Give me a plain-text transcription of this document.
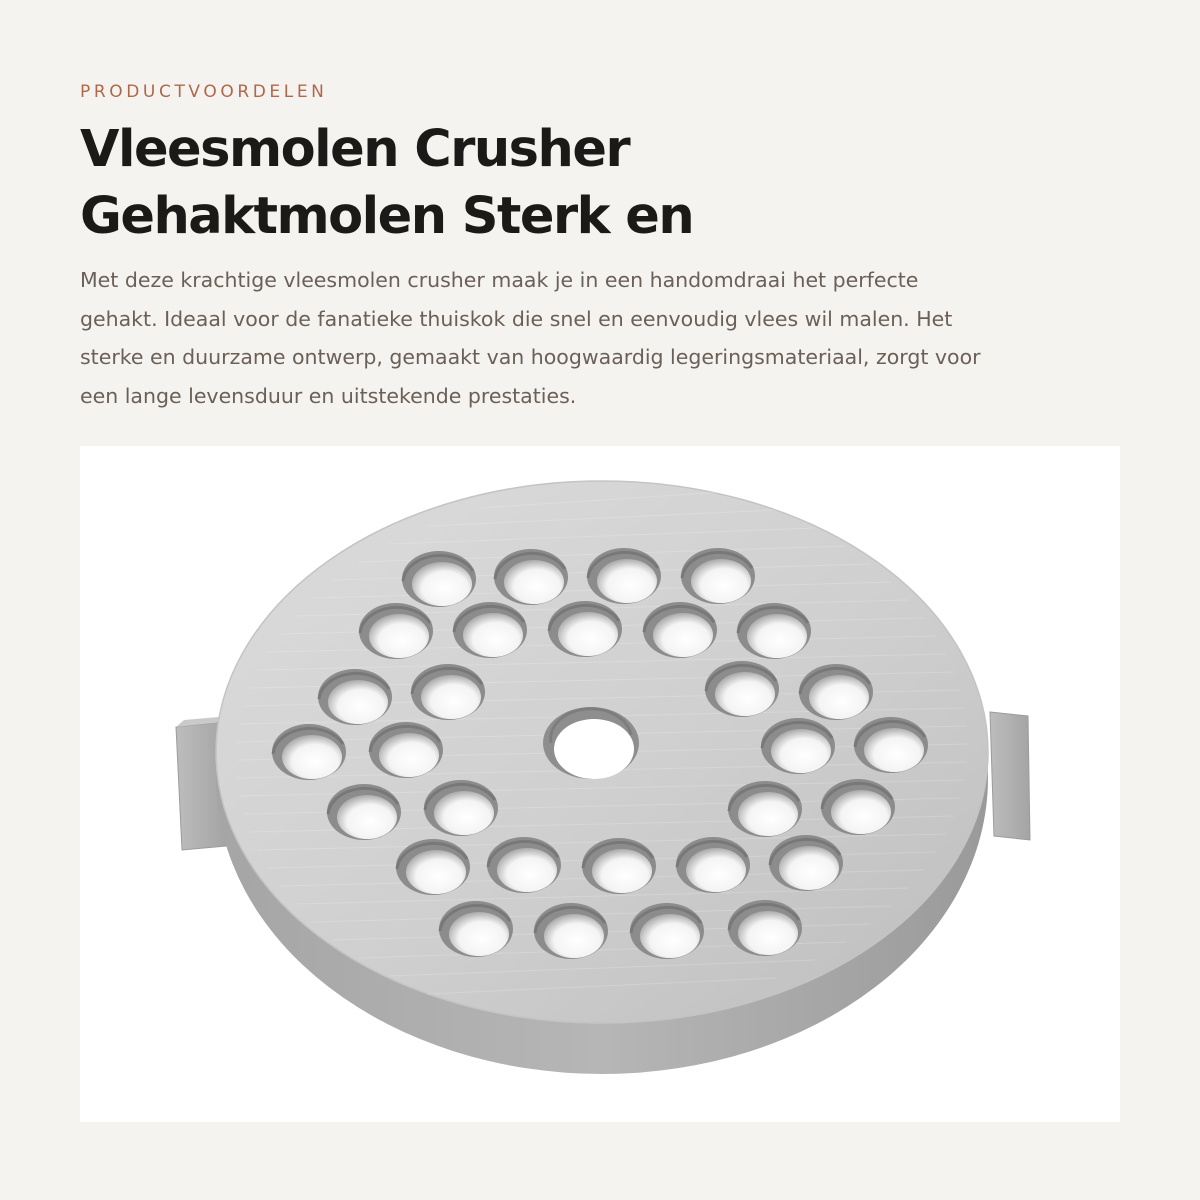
PRODUCTVOORDELEN

Vleesmolen Crusher
Gehaktmolen Sterk en

Met deze krachtige vleesmolen crusher maak je in een handomdraai het perfecte
gehakt. Ideaal voor de fanatieke thuiskok die snel en eenvoudig vlees wil malen. Het
sterke en duurzame ontwerp, gemaakt van hoogwaardig legeringsmateriaal, zorgt voor
een lange levensduur en uitstekende prestaties.
